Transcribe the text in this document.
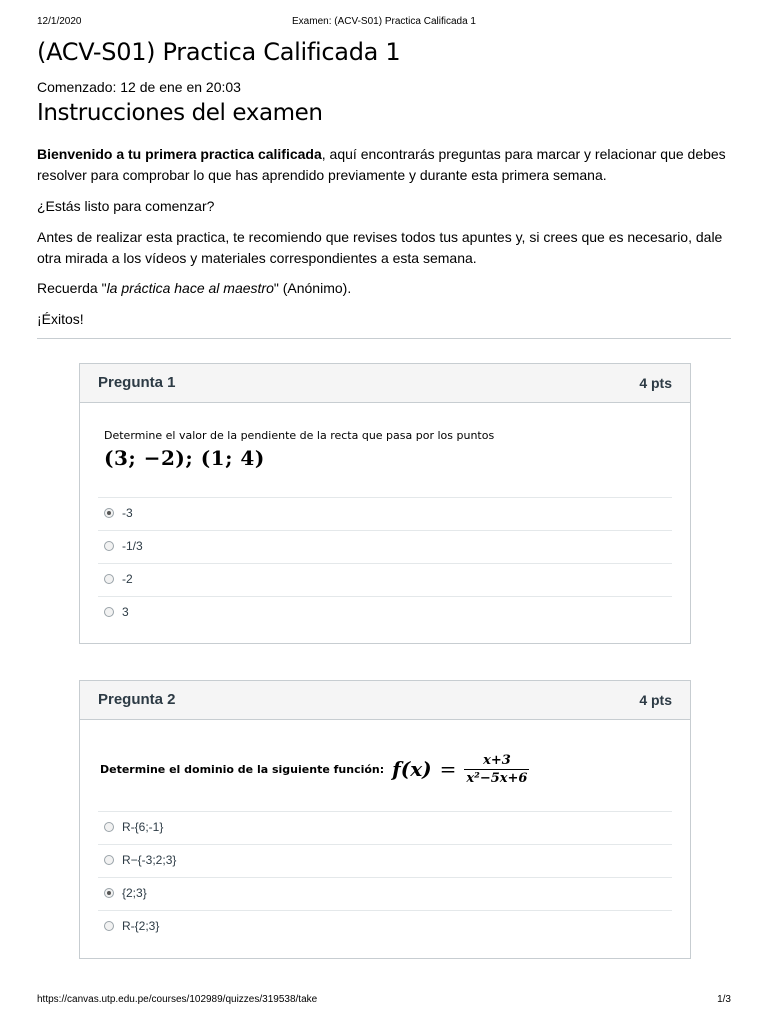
12/1/2020	Examen: (ACV-S01) Practica Calificada 1
(ACV-S01) Practica Calificada 1
Comenzado: 12 de ene en 20:03
Instrucciones del examen

Bienvenido a tu primera practica calificada, aquí encontrarás preguntas para marcar y relacionar que debes resolver para comprobar lo que has aprendido previamente y durante esta primera semana.

¿Estás listo para comenzar?

Antes de realizar esta practica, te recomiendo que revises todos tus apuntes y, si crees que es necesario, dale otra mirada a los vídeos y materiales correspondientes a esta semana.

Recuerda "la práctica hace al maestro" (Anónimo).

¡Éxitos!

Pregunta 1	4 pts
Determine el valor de la pendiente de la recta que pasa por los puntos
(3; −2); (1; 4)
-3
-1/3
-2
3
Pregunta 2	4 pts
Determine el dominio de la siguiente función: $f(x) = \frac{x+3}{\text{x²−5x+6}}$
R-{6;-1}
R−{-3;2;3}
{2;3}
R-{2;3}
https://canvas.utp.edu.pe/courses/102989/quizzes/319538/take	1/3
